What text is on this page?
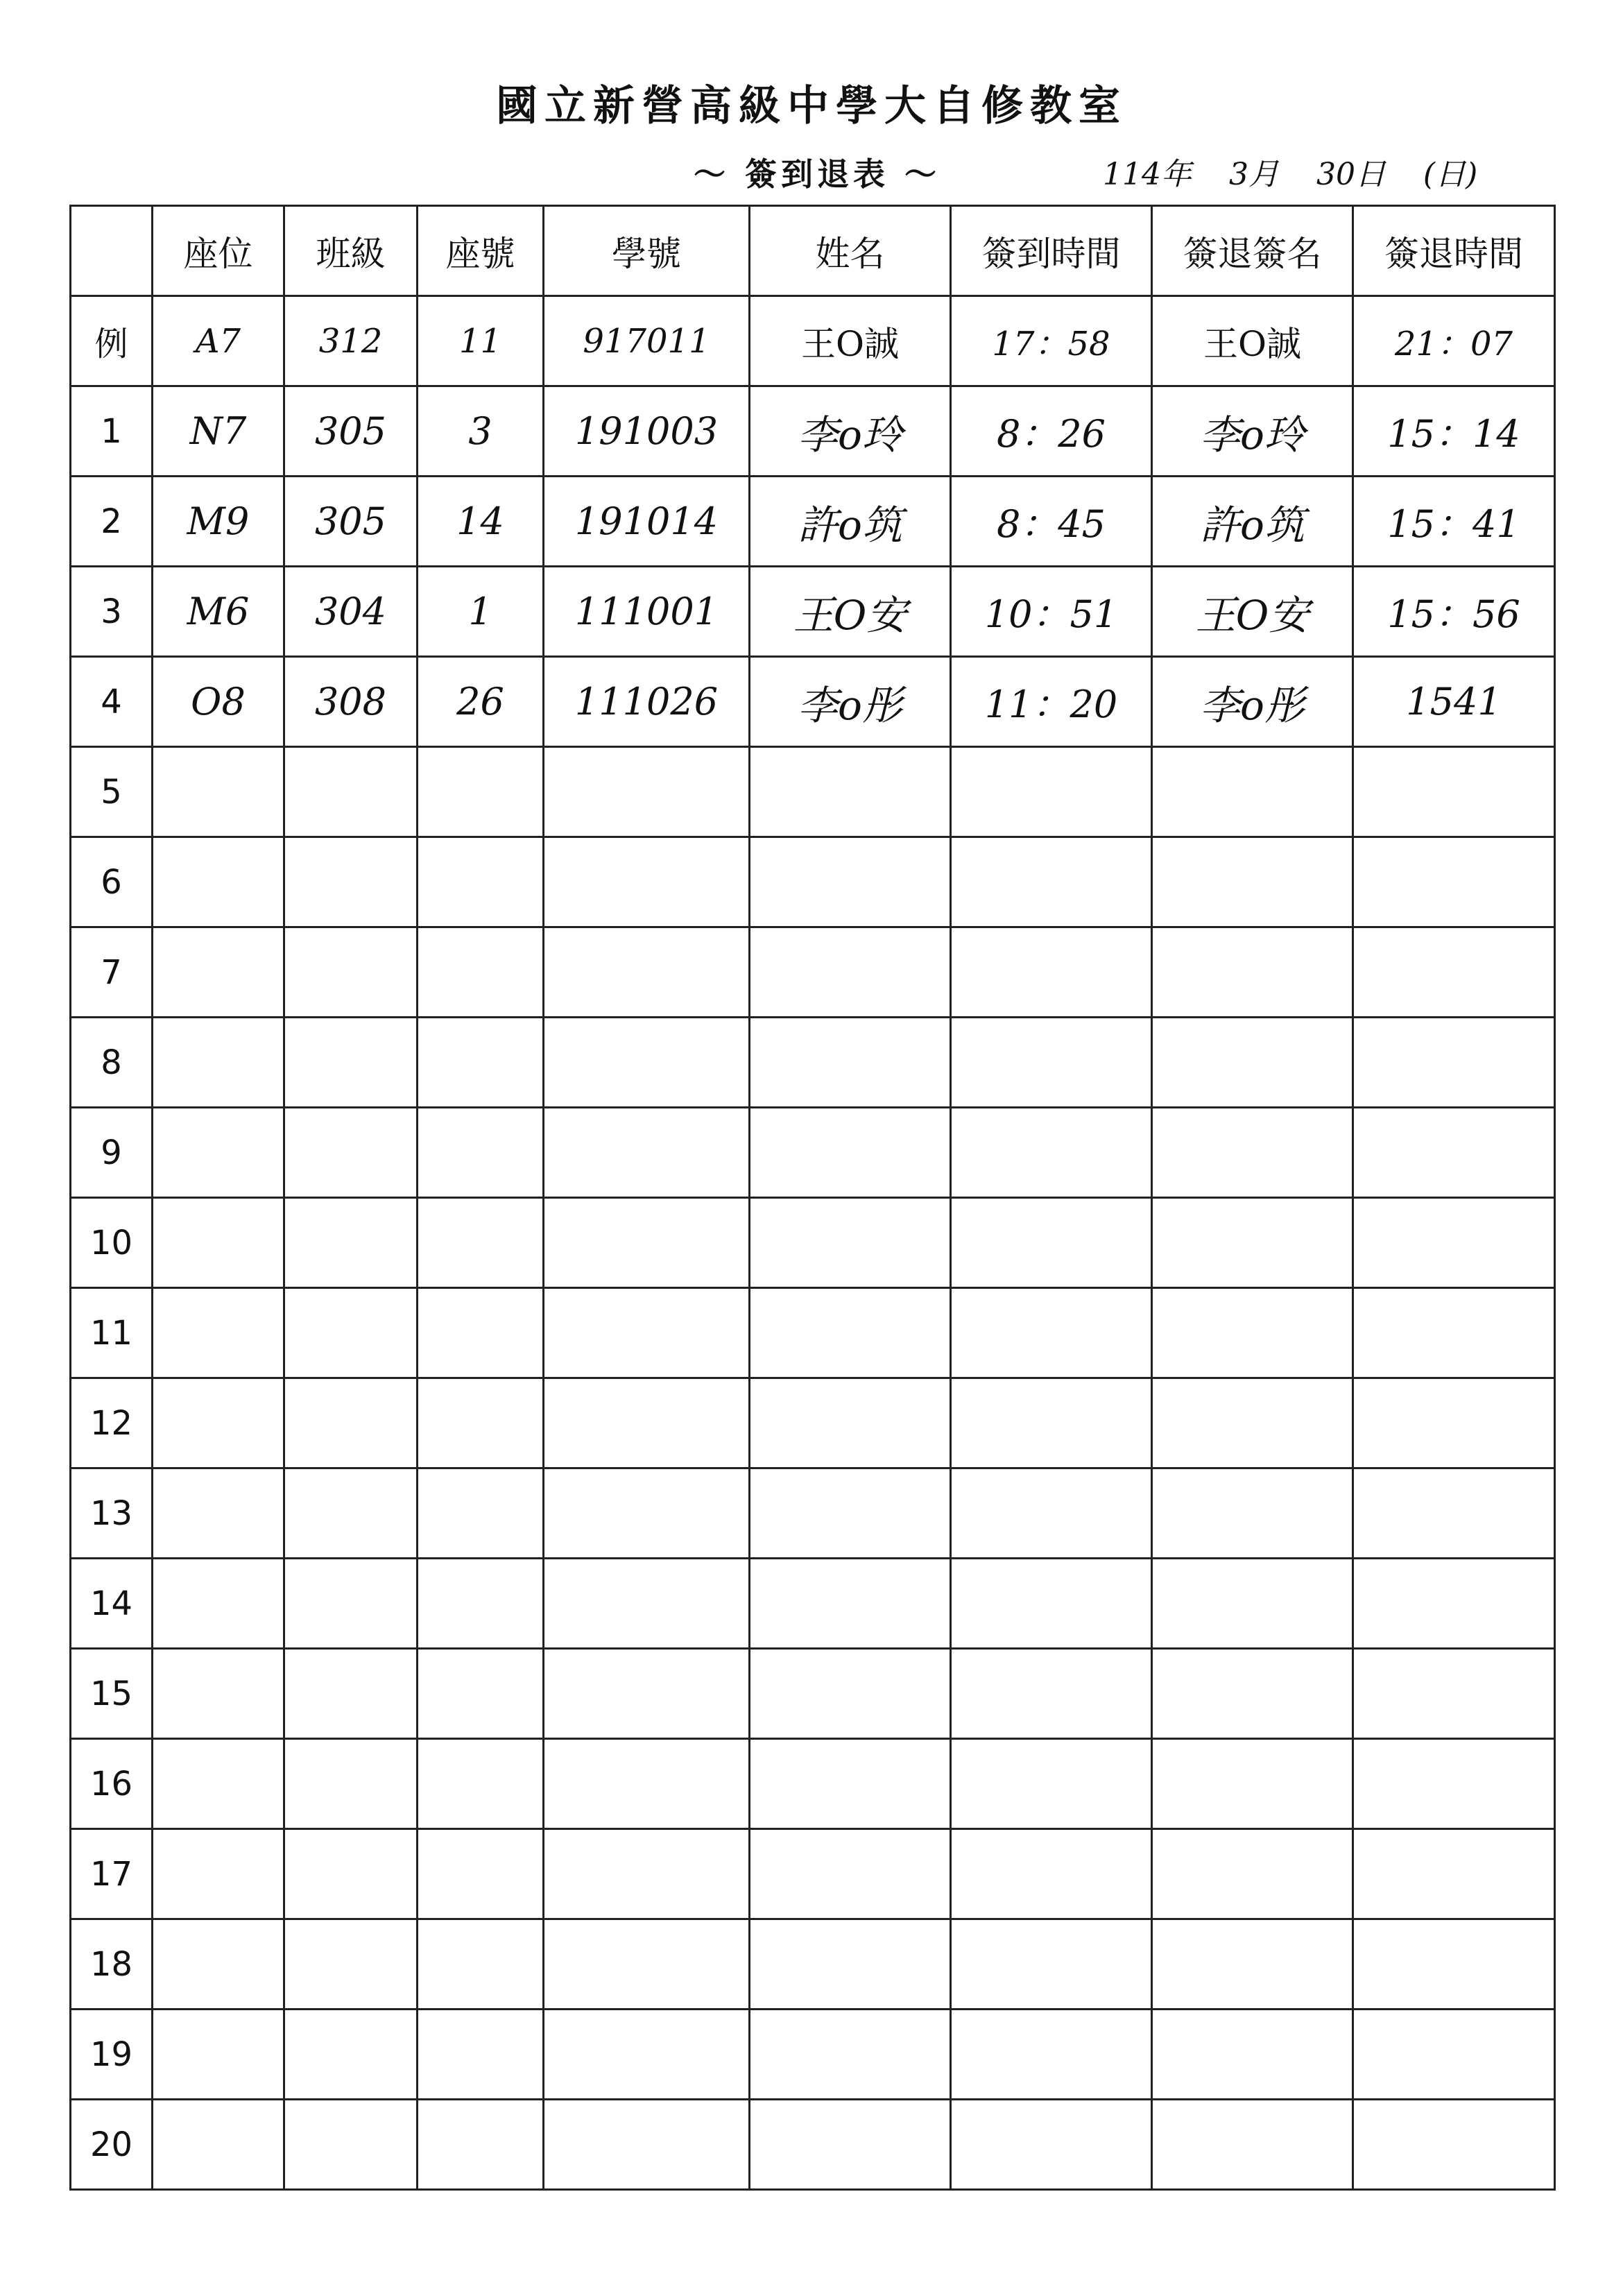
國立新營高級中學大自修教室
～ 簽到退表 ～	114年 3月 30日 (日)
	座位	班級	座號	學號	姓名	簽到時間	簽退簽名	簽退時間
例	A7	312	11	917011	王O誠	17：58	王O誠	21：07
1	N7	305	3	191003	李o玲	8：26	李o玲	15：14
2	M9	305	14	191014	許o筑	8：45	許o筑	15：41
3	M6	304	1	111001	王O安	10：51	王O安	15：56
4	O8	308	26	111026	李o彤	11：20	李o彤	1541
5								
6								
7								
8								
9								
10								
11								
12								
13								
14								
15								
16								
17								
18								
19								
20								
